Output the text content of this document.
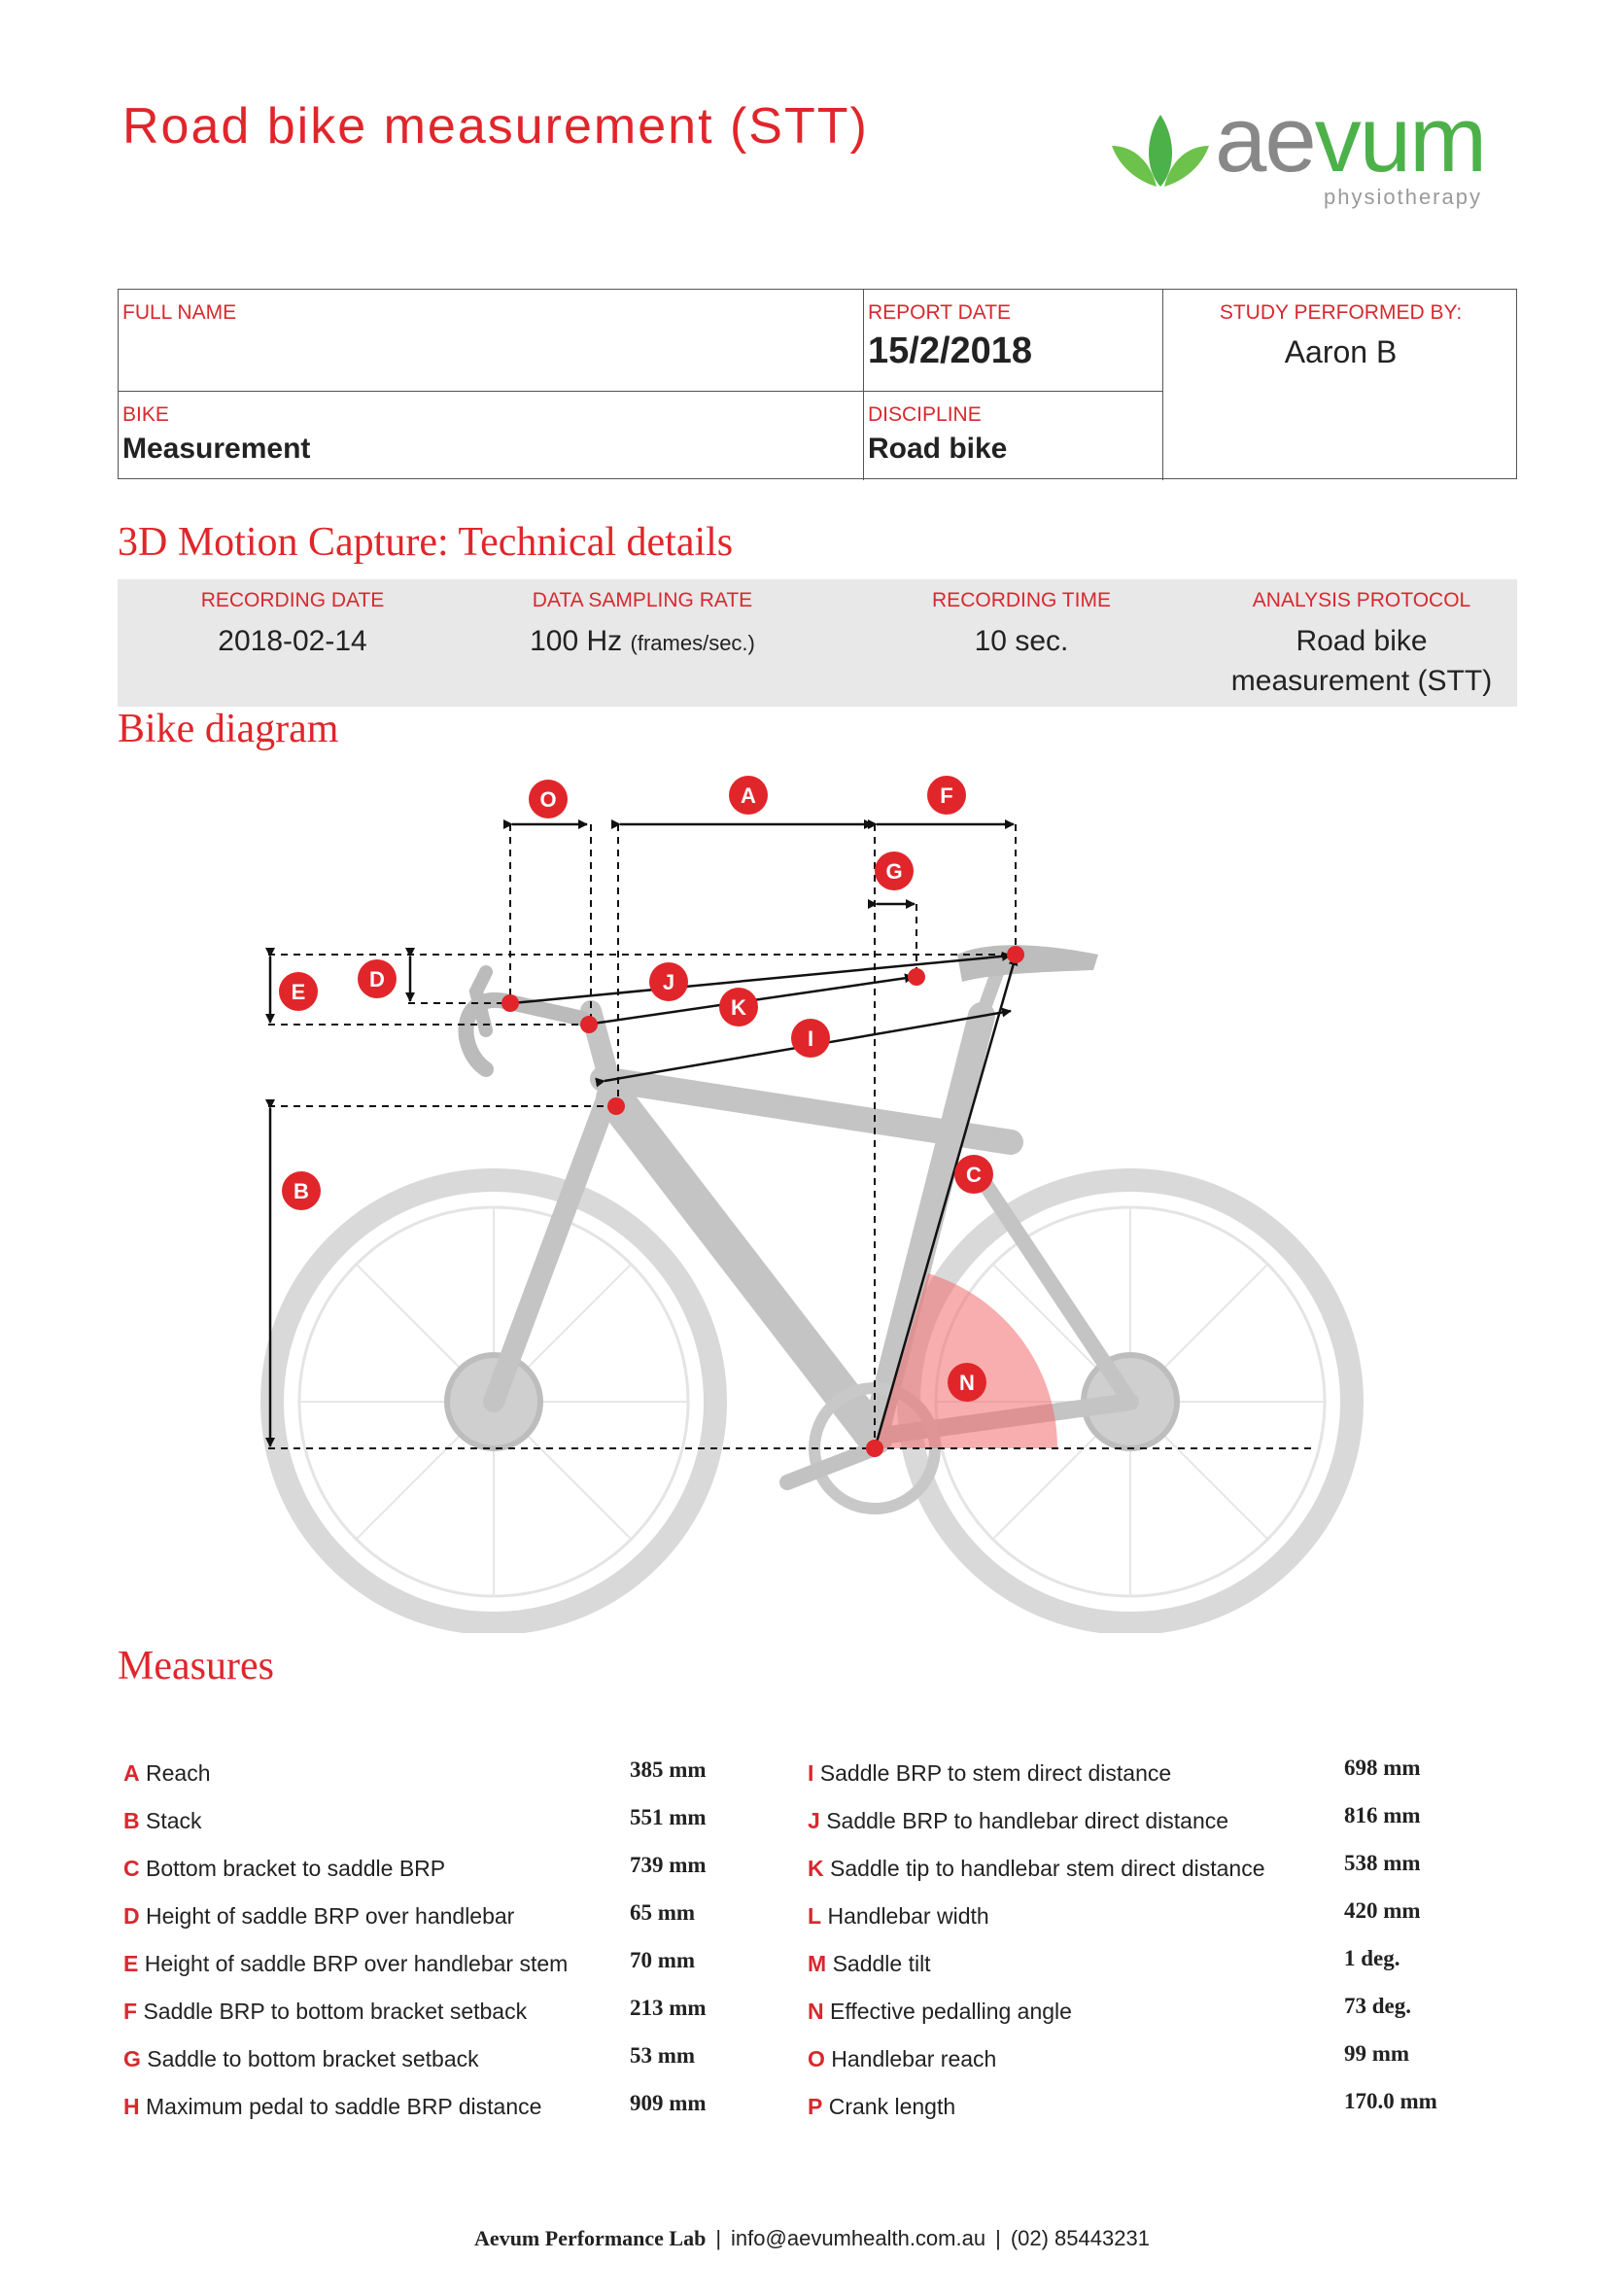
Road bike measurement (STT)	aevum
physiotherapy
FULL NAME	REPORT DATE
15/2/2018
STUDY PERFORMED BY:
Aaron B
BIKE
Measurement
DISCIPLINE
Road bike
3D Motion Capture: Technical details
RECORDING DATE
2018-02-14
DATA SAMPLING RATE
100 Hz (frames/sec.)
RECORDING TIME
10 sec.
ANALYSIS PROTOCOL
Road bike
measurement (STT)
Bike diagram
O	A	F
G
D
E	J
K
I
B
C
N
Measures
A Reach	385 mm
B Stack	551 mm
C Bottom bracket to saddle BRP	739 mm
D Height of saddle BRP over handlebar	65 mm
E Height of saddle BRP over handlebar stem	70 mm
F Saddle BRP to bottom bracket setback	213 mm
G Saddle to bottom bracket setback	53 mm
H Maximum pedal to saddle BRP distance	909 mm
I Saddle BRP to stem direct distance	698 mm
J Saddle BRP to handlebar direct distance	816 mm
K Saddle tip to handlebar stem direct distance	538 mm
L Handlebar width	420 mm
M Saddle tilt	1 deg.
N Effective pedalling angle	73 deg.
O Handlebar reach	99 mm
P Crank length	170.0 mm
Aevum Performance Lab | info@aevumhealth.com.au | (02) 85443231
